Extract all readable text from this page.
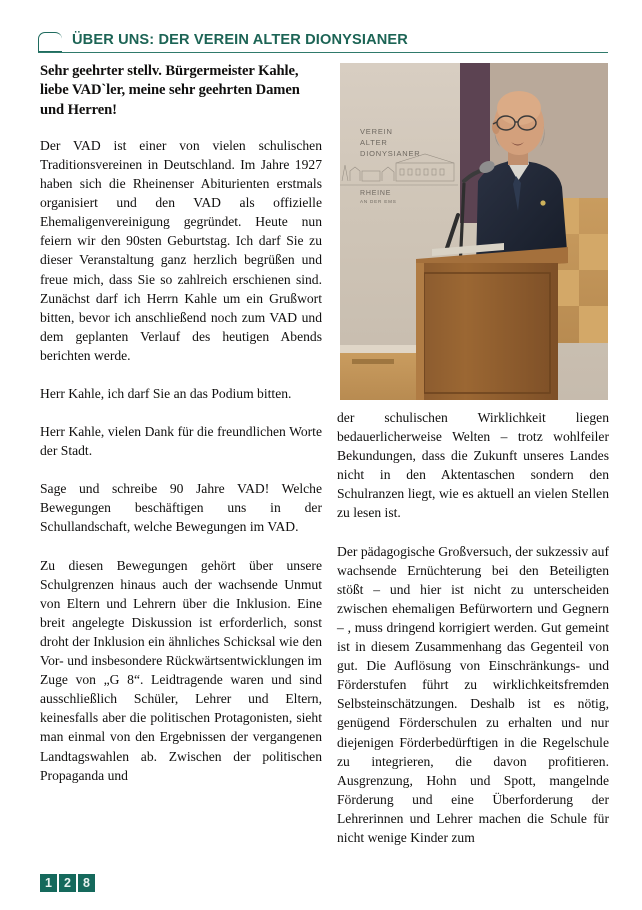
ÜBER UNS: DER VEREIN ALTER DIONYSIANER
VEREIN
ALTER
DIONYSIANER
RHEINE
AN DER EMS

Sehr geehrter stellv. Bürgermeister Kahle, liebe VAD`ler, meine sehr geehrten Damen und Herren!

Der VAD ist einer von vielen schulischen Traditionsvereinen in Deutschland. Im Jahre 1927 haben sich die Rheinenser Abiturienten erstmals organisiert und den VAD als offizielle Ehemaligenvereinigung gegründet. Heute nun feiern wir den 90sten Geburtstag. Ich darf Sie zu dieser Veranstaltung ganz herzlich begrüßen und freue mich, dass Sie so zahlreich erschienen sind. Zunächst darf ich Herrn Kahle um ein Grußwort bitten, bevor ich anschließend noch zum VAD und dem geplanten Verlauf des heutigen Abends berichten werde.

Herr Kahle, ich darf Sie an das Podium bitten.

Herr Kahle, vielen Dank für die freundlichen Worte der Stadt.

Sage und schreibe 90 Jahre VAD! Welche Bewegungen beschäftigen uns in der Schullandschaft, welche Bewegungen im VAD.

Zu diesen Bewegungen gehört über unsere Schulgrenzen hinaus auch der wachsende Unmut von Eltern und Lehrern über die Inklusion. Eine breit angelegte Diskussion ist erforderlich, sonst droht der Inklusion ein ähnliches Schicksal wie den Vor- und insbesondere Rückwärtsentwicklungen im Zuge von „G 8“. Leidtragende waren und sind ausschließlich Schüler, Lehrer und Eltern, keinesfalls aber die politischen Protagonisten, sieht man einmal von den Ergebnissen der vergangenen Landtagswahlen ab. Zwischen der politischen Propaganda und

der schulischen Wirklichkeit liegen bedauerlicherweise Welten – trotz wohlfeiler Bekundungen, dass die Zukunft unseres Landes nicht in den Aktentaschen sondern den Schulranzen liegt, wie es aktuell an vielen Stellen zu lesen ist.

Der pädagogische Großversuch, der sukzessiv auf wachsende Ernüchterung bei den Beteiligten stößt – und hier ist nicht zu unterscheiden zwischen ehemaligen Befürwortern und Gegnern – , muss dringend korrigiert werden. Gut gemeint ist in diesem Zusammenhang das Gegenteil von gut. Die Auflösung von Einschränkungs- und Förderstufen führt zu wirklichkeitsfremden Selbsteinschätzungen. Deshalb ist es nötig, genügend Förderschulen zu erhalten und nur diejenigen Förderbedürftigen in die Regelschule zu integrieren, die davon profitieren. Ausgrenzung, Hohn und Spott, mangelnde Förderung und eine Überforderung der Lehrerinnen und Lehrer machen die Schule für nicht wenige Kinder zum

1 2 8
